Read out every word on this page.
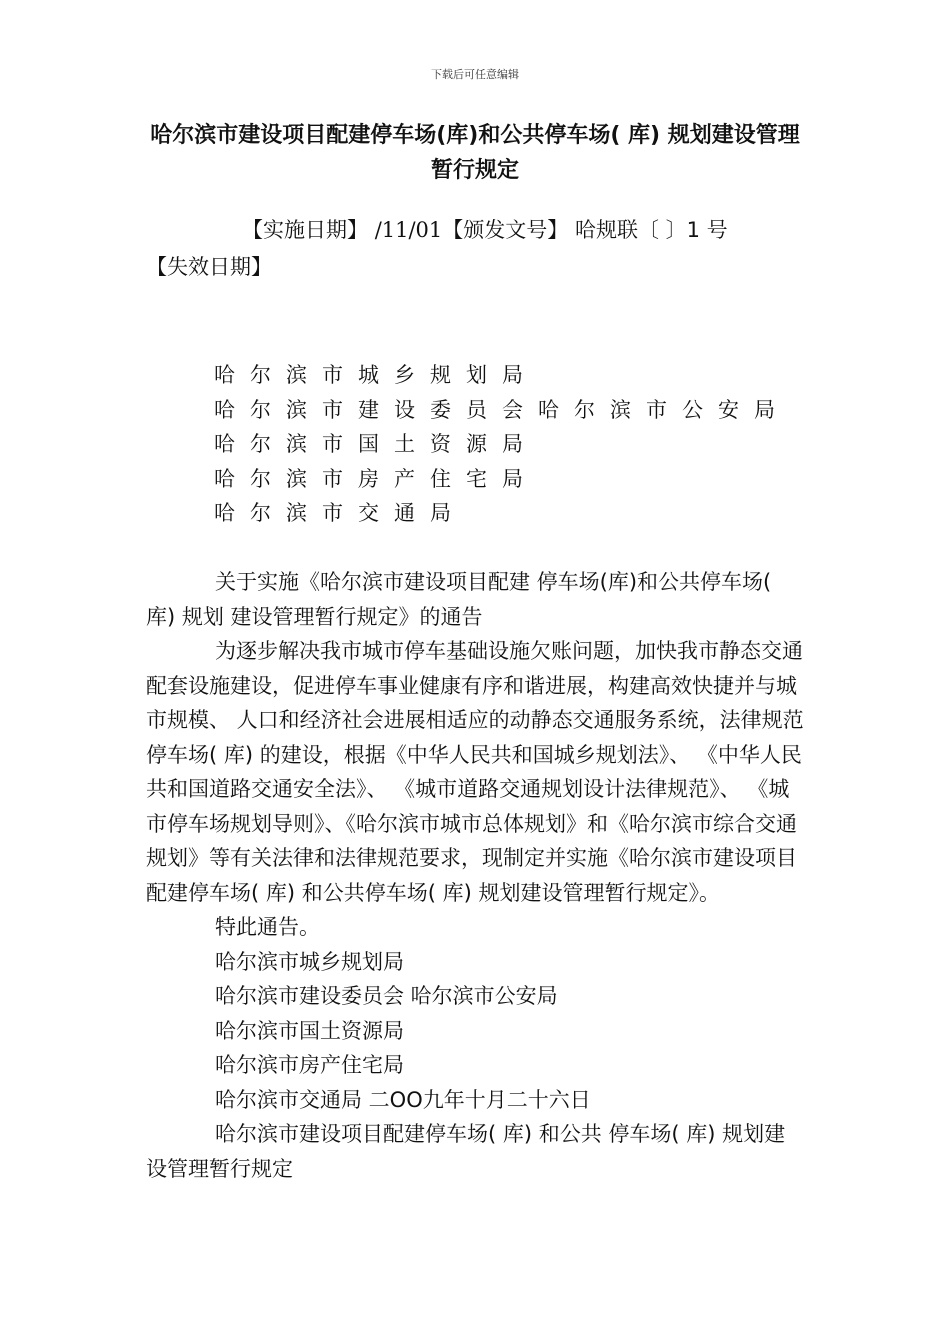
下载后可任意编辑
哈尔滨市建设项目配建停车场(库)和公共停车场( 库) 规划建设管理暂行规定
【实施日期】 /11/01【颁发文号】 哈规联〔 〕1 号
【失效日期】
哈尔滨市城乡规划局
哈尔滨市建设委员会哈尔滨市公安局
哈尔滨市国土资源局
哈尔滨市房产住宅局
哈尔滨市交通局

关于实施《哈尔滨市建设项目配建 停车场(库)和公共停车场( 库) 规划 建设管理暂行规定》的通告

为逐步解决我市城市停车基础设施欠账问题，加快我市静态交通配套设施建设，促进停车事业健康有序和谐进展，构建高效快捷并与城市规模、 人口和经济社会进展相适应的动静态交通服务系统，法律规范停车场( 库) 的建设，根据《中华人民共和国城乡规划法》、 《中华人民共和国道路交通安全法》、 《城市道路交通规划设计法律规范》、 《城市停车场规划导则》、《哈尔滨市城市总体规划》和《哈尔滨市综合交通规划》等有关法律和法律规范要求，现制定并实施《哈尔滨市建设项目配建停车场( 库) 和公共停车场( 库) 规划建设管理暂行规定》。

特此通告。

哈尔滨市城乡规划局

哈尔滨市建设委员会 哈尔滨市公安局

哈尔滨市国土资源局

哈尔滨市房产住宅局

哈尔滨市交通局 二OO九年十月二十六日

哈尔滨市建设项目配建停车场( 库) 和公共 停车场( 库) 规划建设管理暂行规定
